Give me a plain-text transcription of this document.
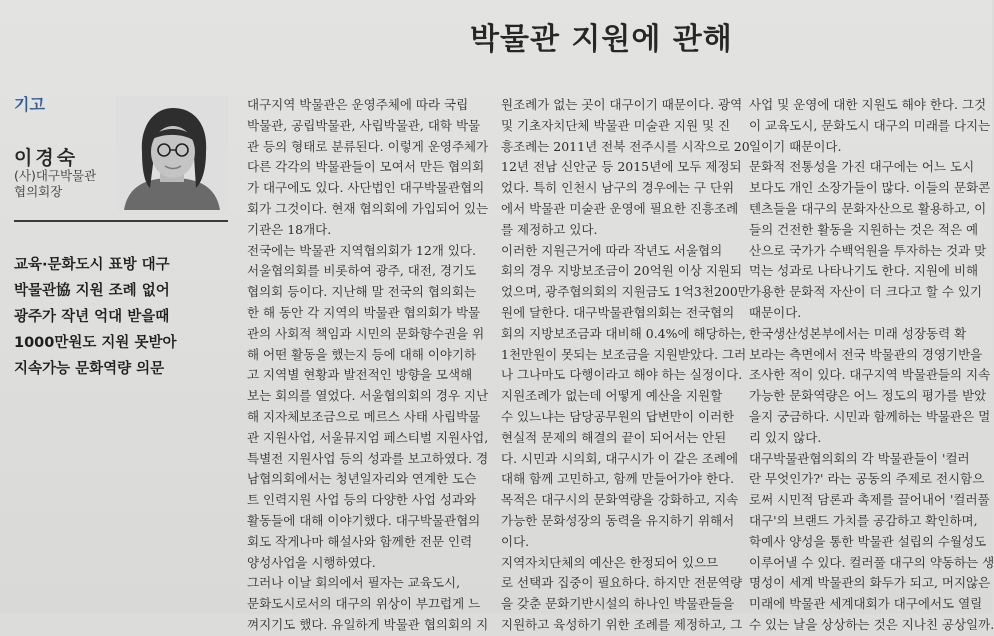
박물관 지원에 관해
기고
이경숙
(사)대구박물관
협의회장
교육·문화도시 표방 대구
박물관協 지원 조례 없어
광주가 작년 억대 받을때
1000만원도 지원 못받아
지속가능 문화역량 의문

대구지역 박물관은 운영주체에 따라 국립

박물관, 공립박물관, 사립박물관, 대학 박물

관 등의 형태로 분류된다. 이렇게 운영주체가

다른 각각의 박물관들이 모여서 만든 협의회

가 대구에도 있다. 사단법인 대구박물관협의

회가 그것이다. 현재 협의회에 가입되어 있는

기관은 18개다.

전국에는 박물관 지역협의회가 12개 있다.

서울협의회를 비롯하여 광주, 대전, 경기도

협의회 등이다. 지난해 말 전국의 협의회는

한 해 동안 각 지역의 박물관 협의회가 박물

관의 사회적 책임과 시민의 문화향수권을 위

해 어떤 활동을 했는지 등에 대해 이야기하

고 지역별 현황과 발전적인 방향을 모색해

보는 회의를 열었다. 서울협의회의 경우 지난

해 지자체보조금으로 메르스 사태 사립박물

관 지원사업, 서울뮤지엄 페스티벌 지원사업,

특별전 지원사업 등의 성과를 보고하였다. 경

남협의회에서는 청년일자리와 연계한 도슨

트 인력지원 사업 등의 다양한 사업 성과와

활동들에 대해 이야기했다. 대구박물관협의

회도 작게나마 해설사와 함께한 전문 인력

양성사업을 시행하였다.

그러나 이날 회의에서 필자는 교육도시,

문화도시로서의 대구의 위상이 부끄럽게 느

껴지기도 했다. 유일하게 박물관 협의회의 지

원조례가 없는 곳이 대구이기 때문이다. 광역

및 기초자치단체 박물관 미술관 지원 및 진

흥조례는 2011년 전북 전주시를 시작으로 20

12년 전남 신안군 등 2015년에 모두 제정되

었다. 특히 인천시 남구의 경우에는 구 단위

에서 박물관 미술관 운영에 필요한 진흥조례

를 제정하고 있다.

이러한 지원근거에 따라 작년도 서울협의

회의 경우 지방보조금이 20억원 이상 지원되

었으며, 광주협의회의 지원금도 1억3천200만

원에 달한다. 대구박물관협의회는 전국협의

회의 지방보조금과 대비해 0.4%에 해당하는,

1천만원이 못되는 보조금을 지원받았다. 그러

나 그나마도 다행이라고 해야 하는 실정이다.

지원조례가 없는데 어떻게 예산을 지원할

수 있느냐는 담당공무원의 답변만이 이러한

현실적 문제의 해결의 끝이 되어서는 안된

다. 시민과 시의회, 대구시가 이 같은 조례에

대해 함께 고민하고, 함께 만들어가야 한다.

목적은 대구시의 문화역량을 강화하고, 지속

가능한 문화성장의 동력을 유지하기 위해서

이다.

지역자치단체의 예산은 한정되어 있으므

로 선택과 집중이 필요하다. 하지만 전문역량

을 갖춘 문화기반시설의 하나인 박물관들을

지원하고 육성하기 위한 조례를 제정하고, 그

사업 및 운영에 대한 지원도 해야 한다. 그것

이 교육도시, 문화도시 대구의 미래를 다지는

일이기 때문이다.

문화적 전통성을 가진 대구에는 어느 도시

보다도 개인 소장가들이 많다. 이들의 문화콘

텐츠들을 대구의 문화자산으로 활용하고, 이

들의 건전한 활동을 지원하는 것은 적은 예

산으로 국가가 수백억원을 투자하는 것과 맞

먹는 성과로 나타나기도 한다. 지원에 비해

가용한 문화적 자산이 더 크다고 할 수 있기

때문이다.

한국생산성본부에서는 미래 성장동력 확

보라는 측면에서 전국 박물관의 경영기반을

조사한 적이 있다. 대구지역 박물관들의 지속

가능한 문화역량은 어느 정도의 평가를 받았

을지 궁금하다. 시민과 함께하는 박물관은 멀

리 있지 않다.

대구박물관협의회의 각 박물관들이 '컬러

란 무엇인가?' 라는 공동의 주제로 전시함으

로써 시민적 담론과 촉제를 끌어내어 '컬러풀

대구'의 브랜드 가치를 공감하고 확인하며,

학예사 양성을 통한 박물관 설립의 수월성도

이루어낼 수 있다. 컬러풀 대구의 약동하는 생

명성이 세계 박물관의 화두가 되고, 머지않은

미래에 박물관 세계대회가 대구에서도 열릴

수 있는 날을 상상하는 것은 지나친 공상일까.
